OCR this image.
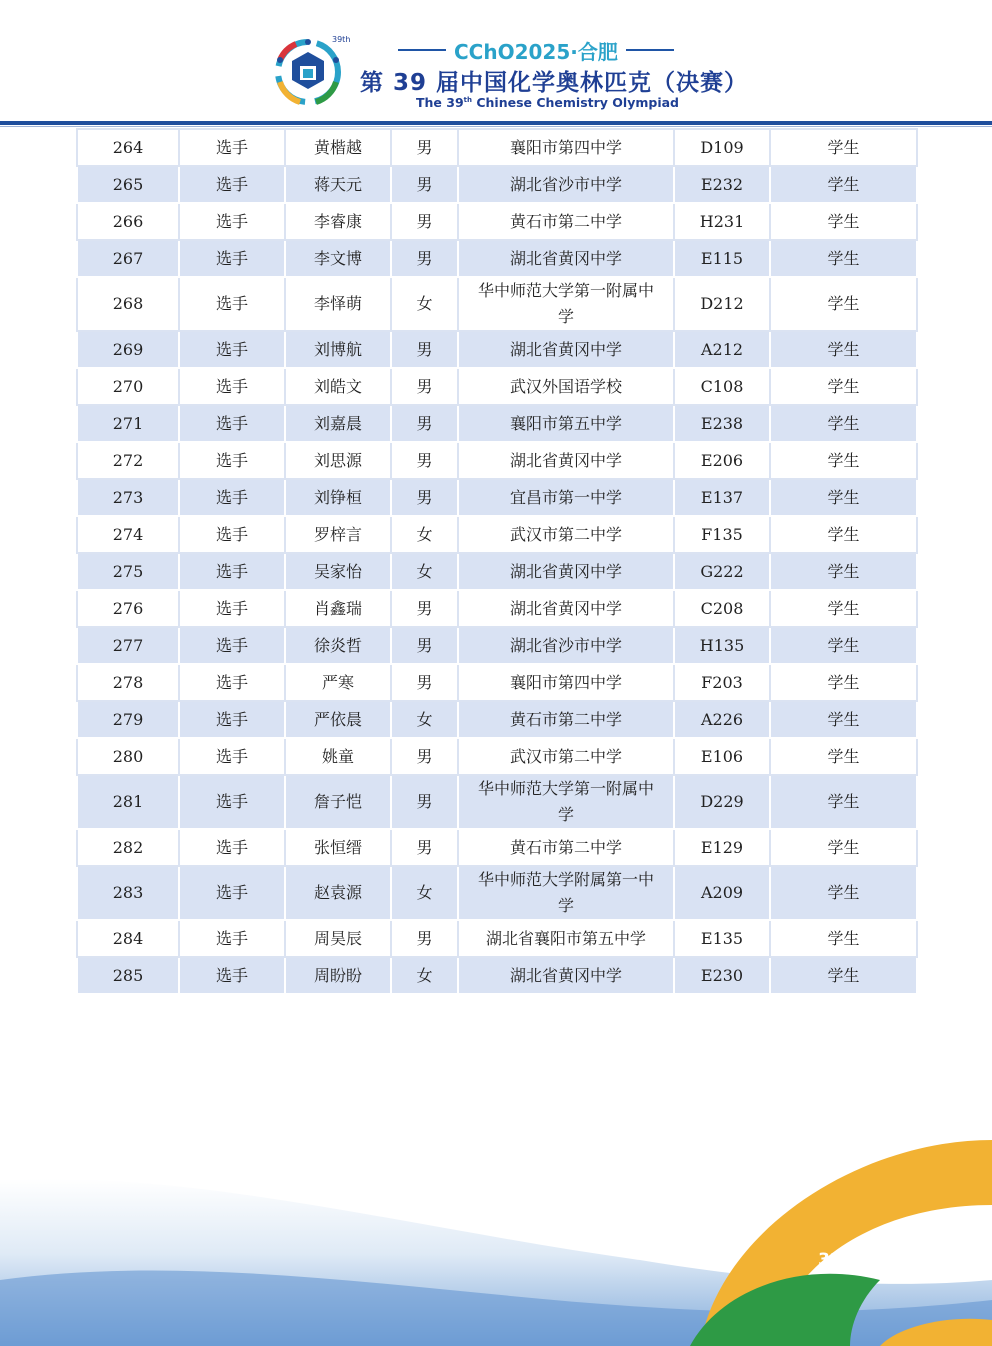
39th	CChO2025·合肥
第 39 届中国化学奥林匹克（决赛）
The 39th Chinese Chemistry Olympiad
264	选手	黄楷越	男	襄阳市第四中学	D109	学生
265	选手	蒋天元	男	湖北省沙市中学	E232	学生
266	选手	李睿康	男	黄石市第二中学	H231	学生
267	选手	李文博	男	湖北省黄冈中学	E115	学生
268	选手	李怿萌	女	华中师范大学第一附属中学	D212	学生
269	选手	刘博航	男	湖北省黄冈中学	A212	学生
270	选手	刘皓文	男	武汉外国语学校	C108	学生
271	选手	刘嘉晨	男	襄阳市第五中学	E238	学生
272	选手	刘思源	男	湖北省黄冈中学	E206	学生
273	选手	刘铮桓	男	宜昌市第一中学	E137	学生
274	选手	罗梓言	女	武汉市第二中学	F135	学生
275	选手	吴家怡	女	湖北省黄冈中学	G222	学生
276	选手	肖鑫瑞	男	湖北省黄冈中学	C208	学生
277	选手	徐炎哲	男	湖北省沙市中学	H135	学生
278	选手	严寒	男	襄阳市第四中学	F203	学生
279	选手	严依晨	女	黄石市第二中学	A226	学生
280	选手	姚童	男	武汉市第二中学	E106	学生
281	选手	詹子恺	男	华中师范大学第一附属中学	D229	学生
282	选手	张恒缙	男	黄石市第二中学	E129	学生
283	选手	赵袁源	女	华中师范大学附属第一中学	A209	学生
284	选手	周昊辰	男	湖北省襄阳市第五中学	E135	学生
285	选手	周盼盼	女	湖北省黄冈中学	E230	学生
32
